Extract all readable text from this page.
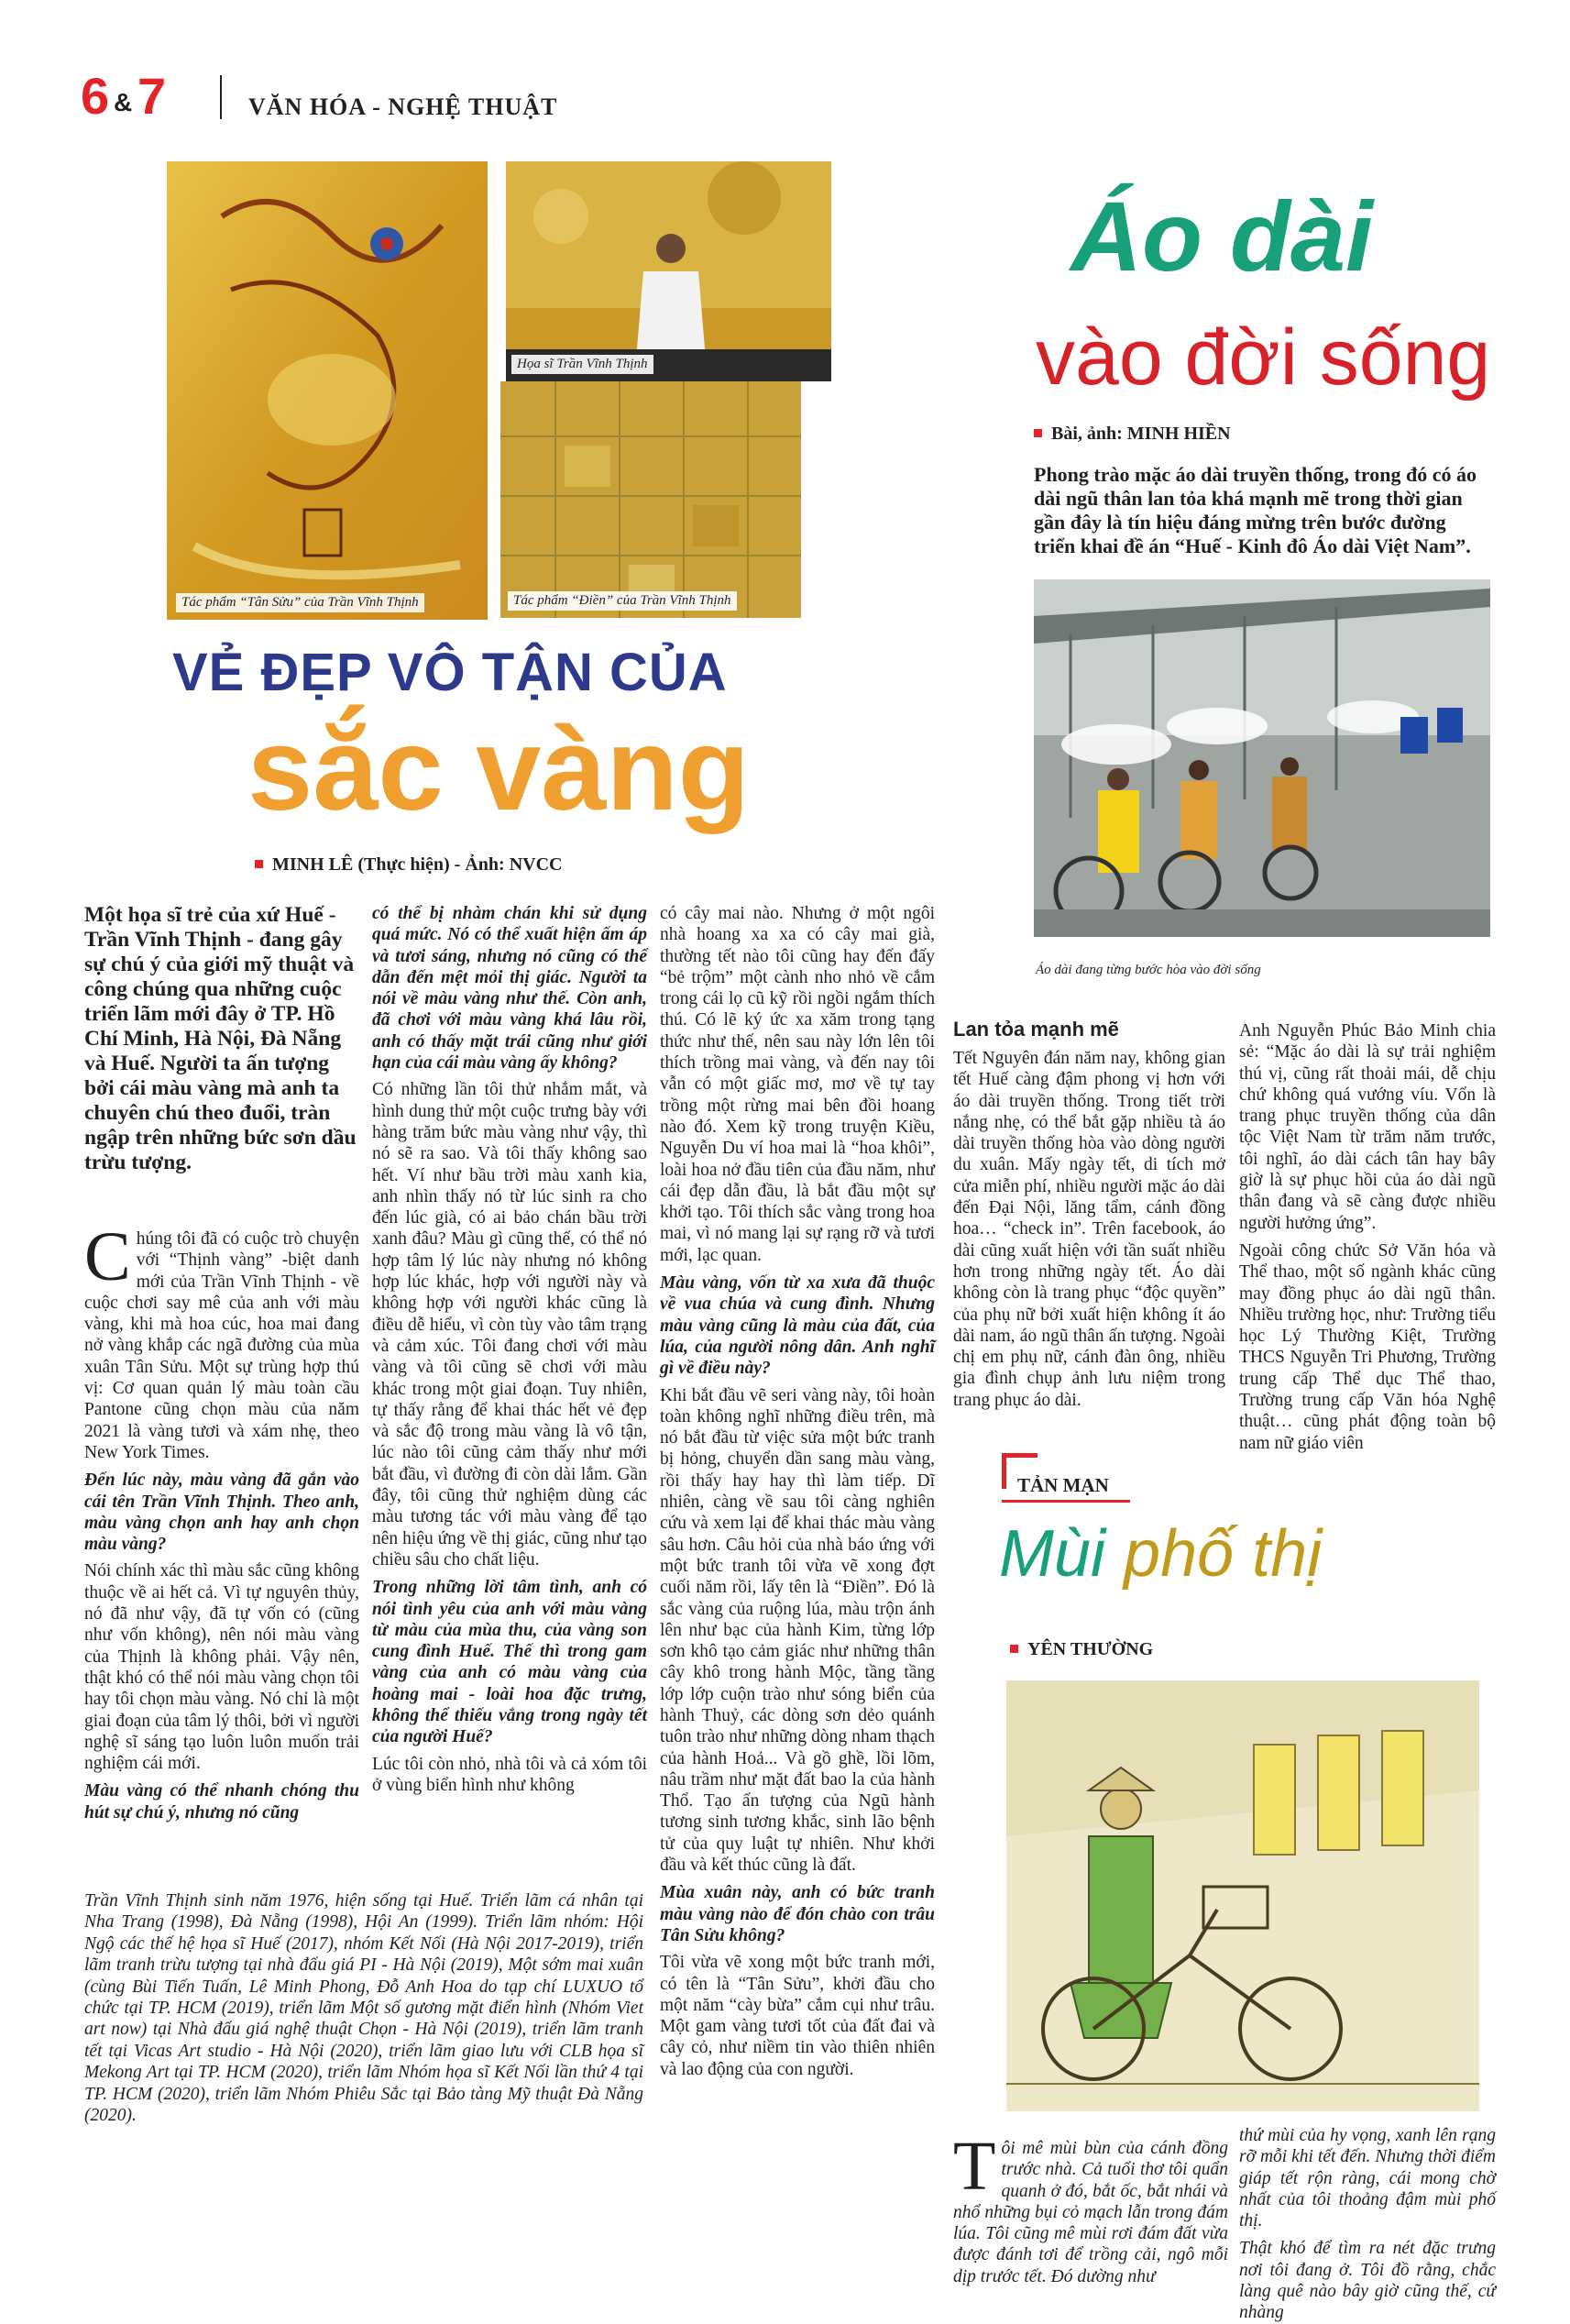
6 & 7	VĂN HÓA - NGHỆ THUẬT
Tác phẩm “Tân Sửu” của Trần Vĩnh Thịnh
Họa sĩ Trần Vĩnh Thịnh
Tác phẩm “Điền” của Trần Vĩnh Thịnh
VẺ ĐẸP VÔ TẬN CỦA
sắc vàng
MINH LÊ (Thực hiện) - Ảnh: NVCC
Một họa sĩ trẻ của xứ Huế - Trần Vĩnh Thịnh - đang gây sự chú ý của giới mỹ thuật và công chúng qua những cuộc triển lãm mới đây ở TP. Hồ Chí Minh, Hà Nội, Đà Nẵng và Huế. Người ta ấn tượng bởi cái màu vàng mà anh ta chuyên chú theo đuổi, tràn ngập trên những bức sơn dầu trừu tượng.

Chúng tôi đã có cuộc trò chuyện với “Thịnh vàng” -biệt danh mới của Trần Vĩnh Thịnh - về cuộc chơi say mê của anh với màu vàng, khi mà hoa cúc, hoa mai đang nở vàng khắp các ngã đường của mùa xuân Tân Sửu. Một sự trùng hợp thú vị: Cơ quan quản lý màu toàn cầu Pantone cũng chọn màu của năm 2021 là vàng tươi và xám nhẹ, theo New York Times.

Đến lúc này, màu vàng đã gắn vào cái tên Trần Vĩnh Thịnh. Theo anh, màu vàng chọn anh hay anh chọn màu vàng?

Nói chính xác thì màu sắc cũng không thuộc về ai hết cả. Vì tự nguyên thủy, nó đã như vậy, đã tự vốn có (cũng như vốn không), nên nói màu vàng của Thịnh là không phải. Vậy nên, thật khó có thể nói màu vàng chọn tôi hay tôi chọn màu vàng. Nó chỉ là một giai đoạn của tâm lý thôi, bởi vì người nghệ sĩ sáng tạo luôn luôn muốn trải nghiệm cái mới.

Màu vàng có thể nhanh chóng thu hút sự chú ý, nhưng nó cũng

có thể bị nhàm chán khi sử dụng quá mức. Nó có thể xuất hiện ấm áp và tươi sáng, nhưng nó cũng có thể dẫn đến mệt mỏi thị giác. Người ta nói về màu vàng như thế. Còn anh, đã chơi với màu vàng khá lâu rồi, anh có thấy mặt trái cũng như giới hạn của cái màu vàng ấy không?

Có những lần tôi thử nhắm mắt, và hình dung thử một cuộc trưng bày với hàng trăm bức màu vàng như vậy, thì nó sẽ ra sao. Và tôi thấy không sao hết. Ví như bầu trời màu xanh kia, anh nhìn thấy nó từ lúc sinh ra cho đến lúc già, có ai bảo chán bầu trời xanh đâu? Màu gì cũng thế, có thể nó hợp tâm lý lúc này nhưng nó không hợp lúc khác, hợp với người này và không hợp với người khác cũng là điều dễ hiểu, vì còn tùy vào tâm trạng và cảm xúc. Tôi đang chơi với màu vàng và tôi cũng sẽ chơi với màu khác trong một giai đoạn. Tuy nhiên, tự thấy rằng để khai thác hết vẻ đẹp và sắc độ trong màu vàng là vô tận, lúc nào tôi cũng cảm thấy như mới bắt đầu, vì đường đi còn dài lắm. Gần đây, tôi cũng thử nghiệm dùng các màu tương tác với màu vàng để tạo nên hiệu ứng về thị giác, cũng như tạo chiều sâu cho chất liệu.

Trong những lời tâm tình, anh có nói tình yêu của anh với màu vàng từ màu của mùa thu, của vàng son cung đình Huế. Thế thì trong gam vàng của anh có màu vàng của hoàng mai - loài hoa đặc trưng, không thể thiếu vắng trong ngày tết của người Huế?

Lúc tôi còn nhỏ, nhà tôi và cả xóm tôi ở vùng biển hình như không

có cây mai nào. Nhưng ở một ngôi nhà hoang xa xa có cây mai già, thường tết nào tôi cũng hay đến đấy “bẻ trộm” một cành nho nhỏ về cắm trong cái lọ cũ kỹ rồi ngồi ngắm thích thú. Có lẽ ký ức xa xăm trong tạng thức như thế, nên sau này lớn lên tôi thích trồng mai vàng, và đến nay tôi vẫn có một giấc mơ, mơ về tự tay trồng một rừng mai bên đồi hoang nào đó. Xem kỹ trong truyện Kiều, Nguyễn Du ví hoa mai là “hoa khôi”, loài hoa nở đầu tiên của đầu năm, như cái đẹp dẫn đầu, là bắt đầu một sự khởi tạo. Tôi thích sắc vàng trong hoa mai, vì nó mang lại sự rạng rỡ và tươi mới, lạc quan.

Màu vàng, vốn từ xa xưa đã thuộc về vua chúa và cung đình. Nhưng màu vàng cũng là màu của đất, của lúa, của người nông dân. Anh nghĩ gì về điều này?

Khi bắt đầu vẽ seri vàng này, tôi hoàn toàn không nghĩ những điều trên, mà nó bắt đầu từ việc sửa một bức tranh bị hỏng, chuyển dần sang màu vàng, rồi thấy hay hay thì làm tiếp. Dĩ nhiên, càng về sau tôi càng nghiên cứu và xem lại để khai thác màu vàng sâu hơn. Câu hỏi của nhà báo ứng với một bức tranh tôi vừa vẽ xong đợt cuối năm rồi, lấy tên là “Điền”. Đó là sắc vàng của ruộng lúa, màu trộn ánh lên như bạc của hành Kim, từng lớp sơn khô tạo cảm giác như những thân cây khô trong hành Mộc, tầng tầng lớp lớp cuộn trào như sóng biển của hành Thuỷ, các dòng sơn dẻo quánh tuôn trào như những dòng nham thạch của hành Hoả... Và gồ ghề, lồi lõm, nâu trầm như mặt đất bao la của hành Thổ. Tạo ấn tượng của Ngũ hành tương sinh tương khắc, sinh lão bệnh tử của quy luật tự nhiên. Như khởi đầu và kết thúc cũng là đất.

Mùa xuân này, anh có bức tranh màu vàng nào để đón chào con trâu Tân Sửu không?

Tôi vừa vẽ xong một bức tranh mới, có tên là “Tân Sửu”, khởi đầu cho một năm “cày bừa” cắm cụi như trâu. Một gam vàng tươi tốt của đất đai và cây cỏ, như niềm tin vào thiên nhiên và lao động của con người.

Trần Vĩnh Thịnh sinh năm 1976, hiện sống tại Huế. Triển lãm cá nhân tại Nha Trang (1998), Đà Nẵng (1998), Hội An (1999). Triển lãm nhóm: Hội Ngộ các thế hệ họa sĩ Huế (2017), nhóm Kết Nối (Hà Nội 2017-2019), triển lãm tranh trừu tượng tại nhà đấu giá PI - Hà Nội (2019), Một sớm mai xuân (cùng Bùi Tiến Tuấn, Lê Minh Phong, Đỗ Anh Hoa do tạp chí LUXUO tổ chức tại TP. HCM (2019), triển lãm Một số gương mặt điển hình (Nhóm Viet art now) tại Nhà đấu giá nghệ thuật Chọn - Hà Nội (2019), triển lãm tranh tết tại Vicas Art studio - Hà Nội (2020), triển lãm giao lưu với CLB họa sĩ Mekong Art tại TP. HCM (2020), triển lãm Nhóm họa sĩ Kết Nối lần thứ 4 tại TP. HCM (2020), triển lãm Nhóm Phiêu Sắc tại Bảo tàng Mỹ thuật Đà Nẵng (2020).
Áo dài
vào đời sống
Bài, ảnh: MINH HIỀN
Phong trào mặc áo dài truyền thống, trong đó có áo dài ngũ thân lan tỏa khá mạnh mẽ trong thời gian gần đây là tín hiệu đáng mừng trên bước đường triển khai đề án “Huế - Kinh đô Áo dài Việt Nam”.
Áo dài đang từng bước hòa vào đời sống
Lan tỏa mạnh mẽ
Tết Nguyên đán năm nay, không gian tết Huế càng đậm phong vị hơn với áo dài truyền thống. Trong tiết trời nắng nhẹ, có thể bắt gặp nhiều tà áo dài truyền thống hòa vào dòng người du xuân. Mấy ngày tết, di tích mở cửa miễn phí, nhiều người mặc áo dài đến Đại Nội, lăng tẩm, cánh đồng hoa… “check in”. Trên facebook, áo dài cũng xuất hiện với tần suất nhiều hơn trong những ngày tết. Áo dài không còn là trang phục “độc quyền” của phụ nữ bởi xuất hiện không ít áo dài nam, áo ngũ thân ấn tượng. Ngoài chị em phụ nữ, cánh đàn ông, nhiều gia đình chụp ảnh lưu niệm trong trang phục áo dài.

Anh Nguyễn Phúc Bảo Minh chia sẻ: “Mặc áo dài là sự trải nghiệm thú vị, cũng rất thoải mái, dễ chịu chứ không quá vướng víu. Vốn là trang phục truyền thống của dân tộc Việt Nam từ trăm năm trước, tôi nghĩ, áo dài cách tân hay bây giờ là sự phục hồi của áo dài ngũ thân đang và sẽ càng được nhiều người hưởng ứng”.

Ngoài công chức Sở Văn hóa và Thể thao, một số ngành khác cũng may đồng phục áo dài ngũ thân. Nhiều trường học, như: Trường tiểu học Lý Thường Kiệt, Trường THCS Nguyễn Tri Phương, Trường trung cấp Thể dục Thể thao, Trường trung cấp Văn hóa Nghệ thuật… cũng phát động toàn bộ nam nữ giáo viên

TẢN MẠN
Mùi phố thị
YÊN THƯỜNG

Tôi mê mùi bùn của cánh đồng trước nhà. Cả tuổi thơ tôi quẩn quanh ở đó, bắt ốc, bắt nhái và nhổ những bụi cỏ mạch lẫn trong đám lúa. Tôi cũng mê mùi rơi đám đất vừa được đánh tơi để trồng cải, ngô mỗi dịp trước tết. Đó dường như

thứ mùi của hy vọng, xanh lên rạng rỡ mỗi khi tết đến. Nhưng thời điểm giáp tết rộn ràng, cái mong chờ nhất của tôi thoảng đậm mùi phố thị.

Thật khó để tìm ra nét đặc trưng nơi tôi đang ở. Tôi đồ rằng, chắc làng quê nào bây giờ cũng thế, cứ nhàng
